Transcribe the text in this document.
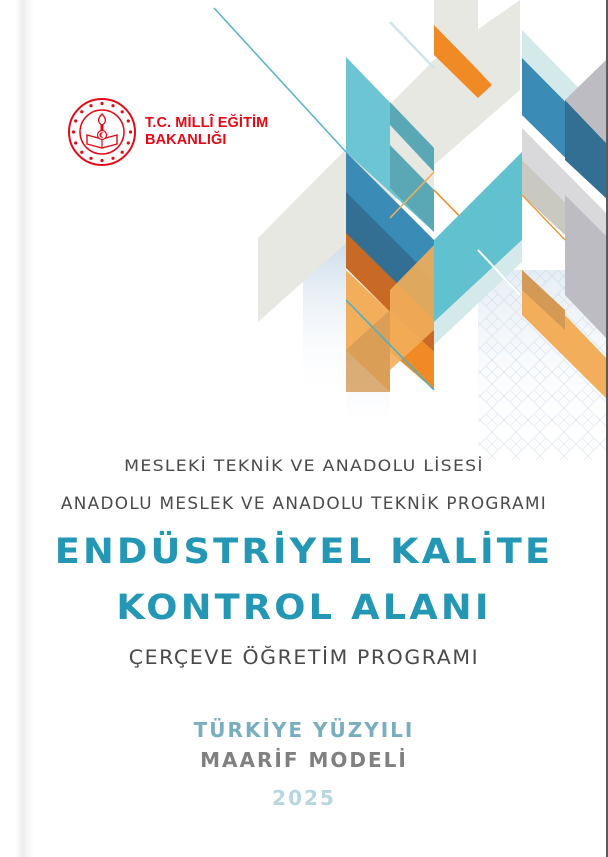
T.C. MİLLÎ EĞİTİM
BAKANLIĞI
MESLEKİ TEKNİK VE ANADOLU LİSESİ
ANADOLU MESLEK VE ANADOLU TEKNİK PROGRAMI
ENDÜSTRİYEL KALİTE
KONTROL ALANI
ÇERÇEVE ÖĞRETİM PROGRAMI
TÜRKİYE YÜZYILI
MAARİF MODELİ
2025
